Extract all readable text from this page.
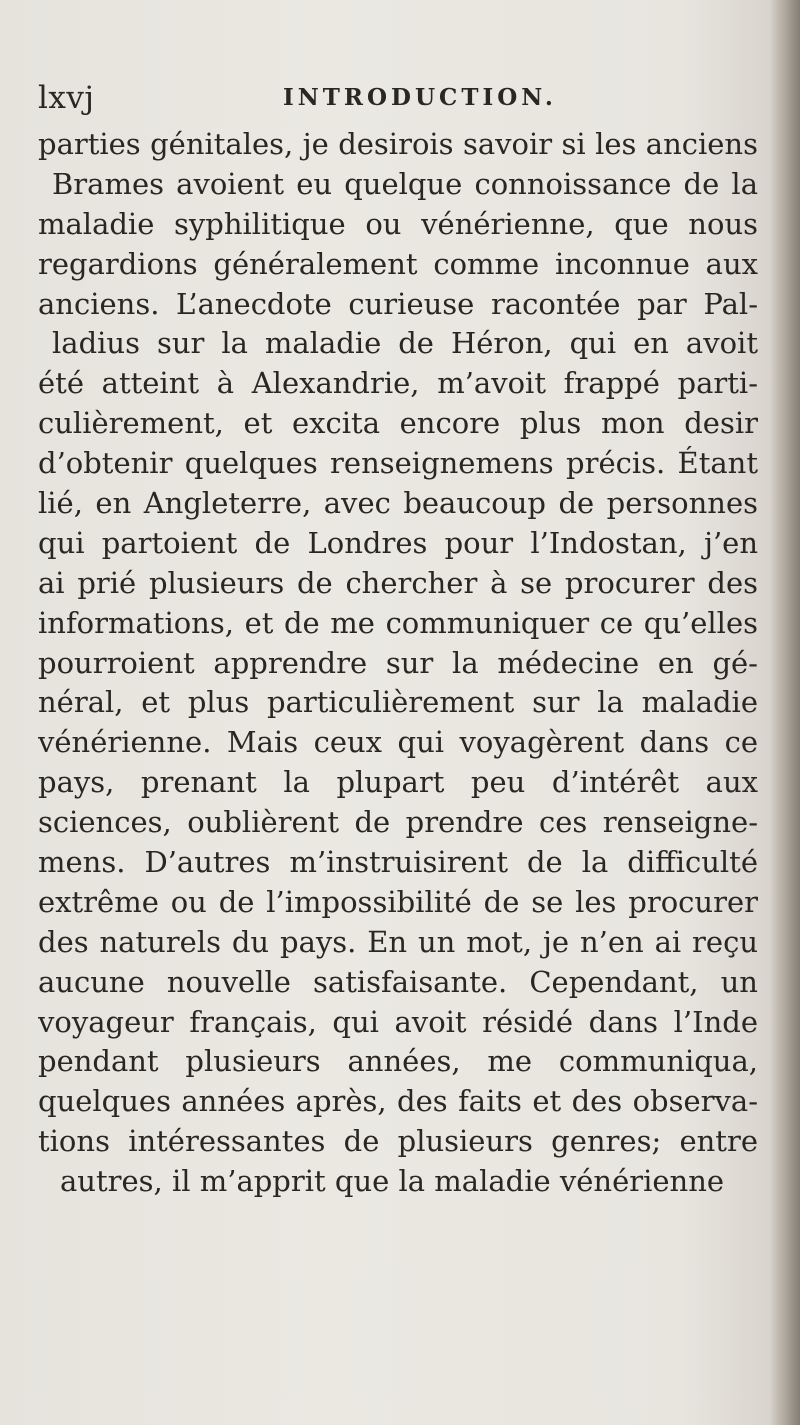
lxvj	INTRODUCTION.
parties génitales, je desirois savoir si les anciens
Brames avoient eu quelque connoissance de la
maladie syphilitique ou vénérienne, que nous
regardions généralement comme inconnue aux
anciens. L’anecdote curieuse racontée par Pal-
ladius sur la maladie de Héron, qui en avoit
été atteint à Alexandrie, m’avoit frappé parti-
culièrement, et excita encore plus mon desir
d’obtenir quelques renseignemens précis. Étant
lié, en Angleterre, avec beaucoup de personnes
qui partoient de Londres pour l’Indostan, j’en
ai prié plusieurs de chercher à se procurer des
informations, et de me communiquer ce qu’elles
pourroient apprendre sur la médecine en gé-
néral, et plus particulièrement sur la maladie
vénérienne. Mais ceux qui voyagèrent dans ce
pays, prenant la plupart peu d’intérêt aux
sciences, oublièrent de prendre ces renseigne-
mens. D’autres m’instruisirent de la difficulté
extrême ou de l’impossibilité de se les procurer
des naturels du pays. En un mot, je n’en ai reçu
aucune nouvelle satisfaisante. Cependant, un
voyageur français, qui avoit résidé dans l’Inde
pendant plusieurs années, me communiqua,
quelques années après, des faits et des observa-
tions intéressantes de plusieurs genres; entre
autres, il m’apprit que la maladie vénérienne
